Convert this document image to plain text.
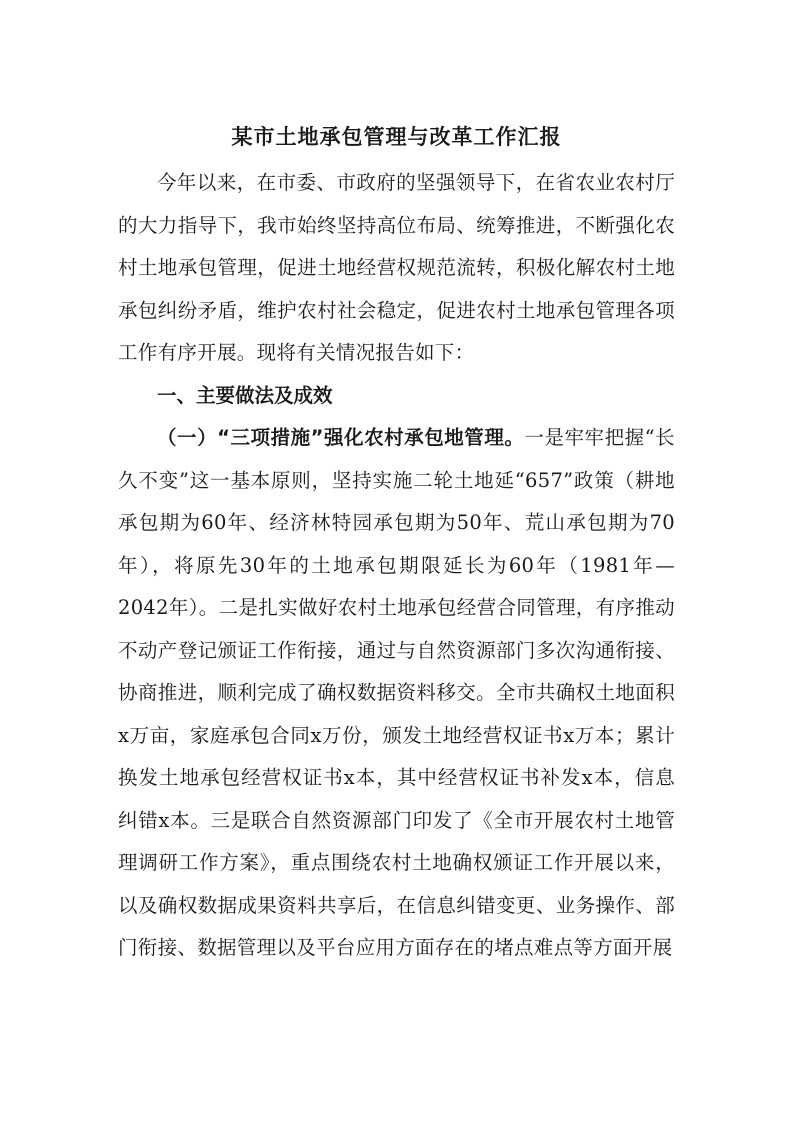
某市土地承包管理与改革工作汇报

今年以来，在市委、市政府的坚强领导下，在省农业农村厅的大力指导下，我市始终坚持高位布局、统筹推进，不断强化农村土地承包管理，促进土地经营权规范流转，积极化解农村土地承包纠纷矛盾，维护农村社会稳定，促进农村土地承包管理各项工作有序开展。现将有关情况报告如下：

一、主要做法及成效

（一）“三项措施”强化农村承包地管理。一是牢牢把握“长久不变”这一基本原则，坚持实施二轮土地延“657”政策（耕地承包期为60年、经济林特园承包期为50年、荒山承包期为70年），将原先30年的土地承包期限延长为60年（1981年—2042年）。二是扎实做好农村土地承包经营合同管理，有序推动不动产登记颁证工作衔接，通过与自然资源部门多次沟通衔接、协商推进，顺利完成了确权数据资料移交。全市共确权土地面积x万亩，家庭承包合同x万份，颁发土地经营权证书x万本；累计换发土地承包经营权证书x本，其中经营权证书补发x本，信息纠错x本。三是联合自然资源部门印发了《全市开展农村土地管理调研工作方案》，重点围绕农村土地确权颁证工作开展以来，以及确权数据成果资料共享后，在信息纠错变更、业务操作、部门衔接、数据管理以及平台应用方面存在的堵点难点等方面开展
